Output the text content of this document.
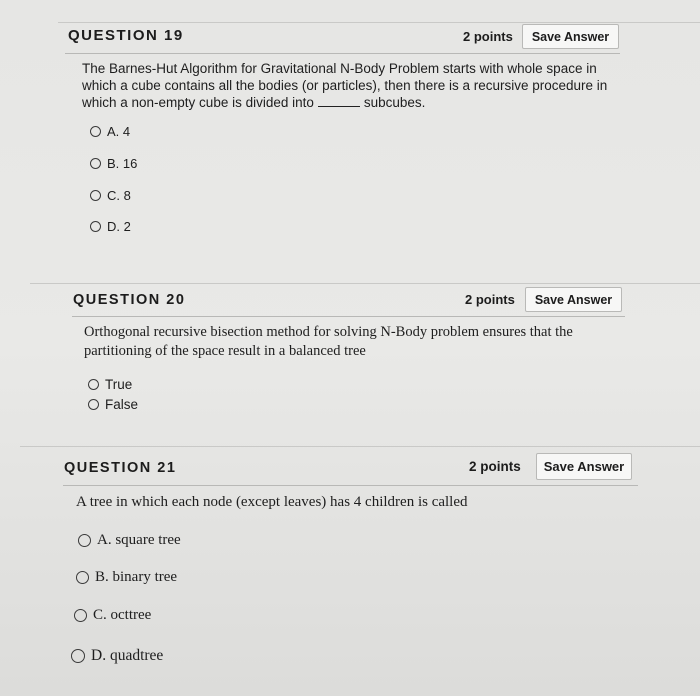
QUESTION 19	2 points	Save Answer
The Barnes-Hut Algorithm for Gravitational N-Body Problem starts with whole space in
which a cube contains all the bodies (or particles), then there is a recursive procedure in
which a non-empty cube is divided into	subcubes.
A. 4
B. 16
C. 8
D. 2
QUESTION 20	2 points	Save Answer
Orthogonal recursive bisection method for solving N-Body problem ensures that the
partitioning of the space result in a balanced tree
True
False
QUESTION 21	2 points	Save Answer
A tree in which each node (except leaves) has 4 children is called
A. square tree
B. binary tree
C. octtree
D. quadtree
